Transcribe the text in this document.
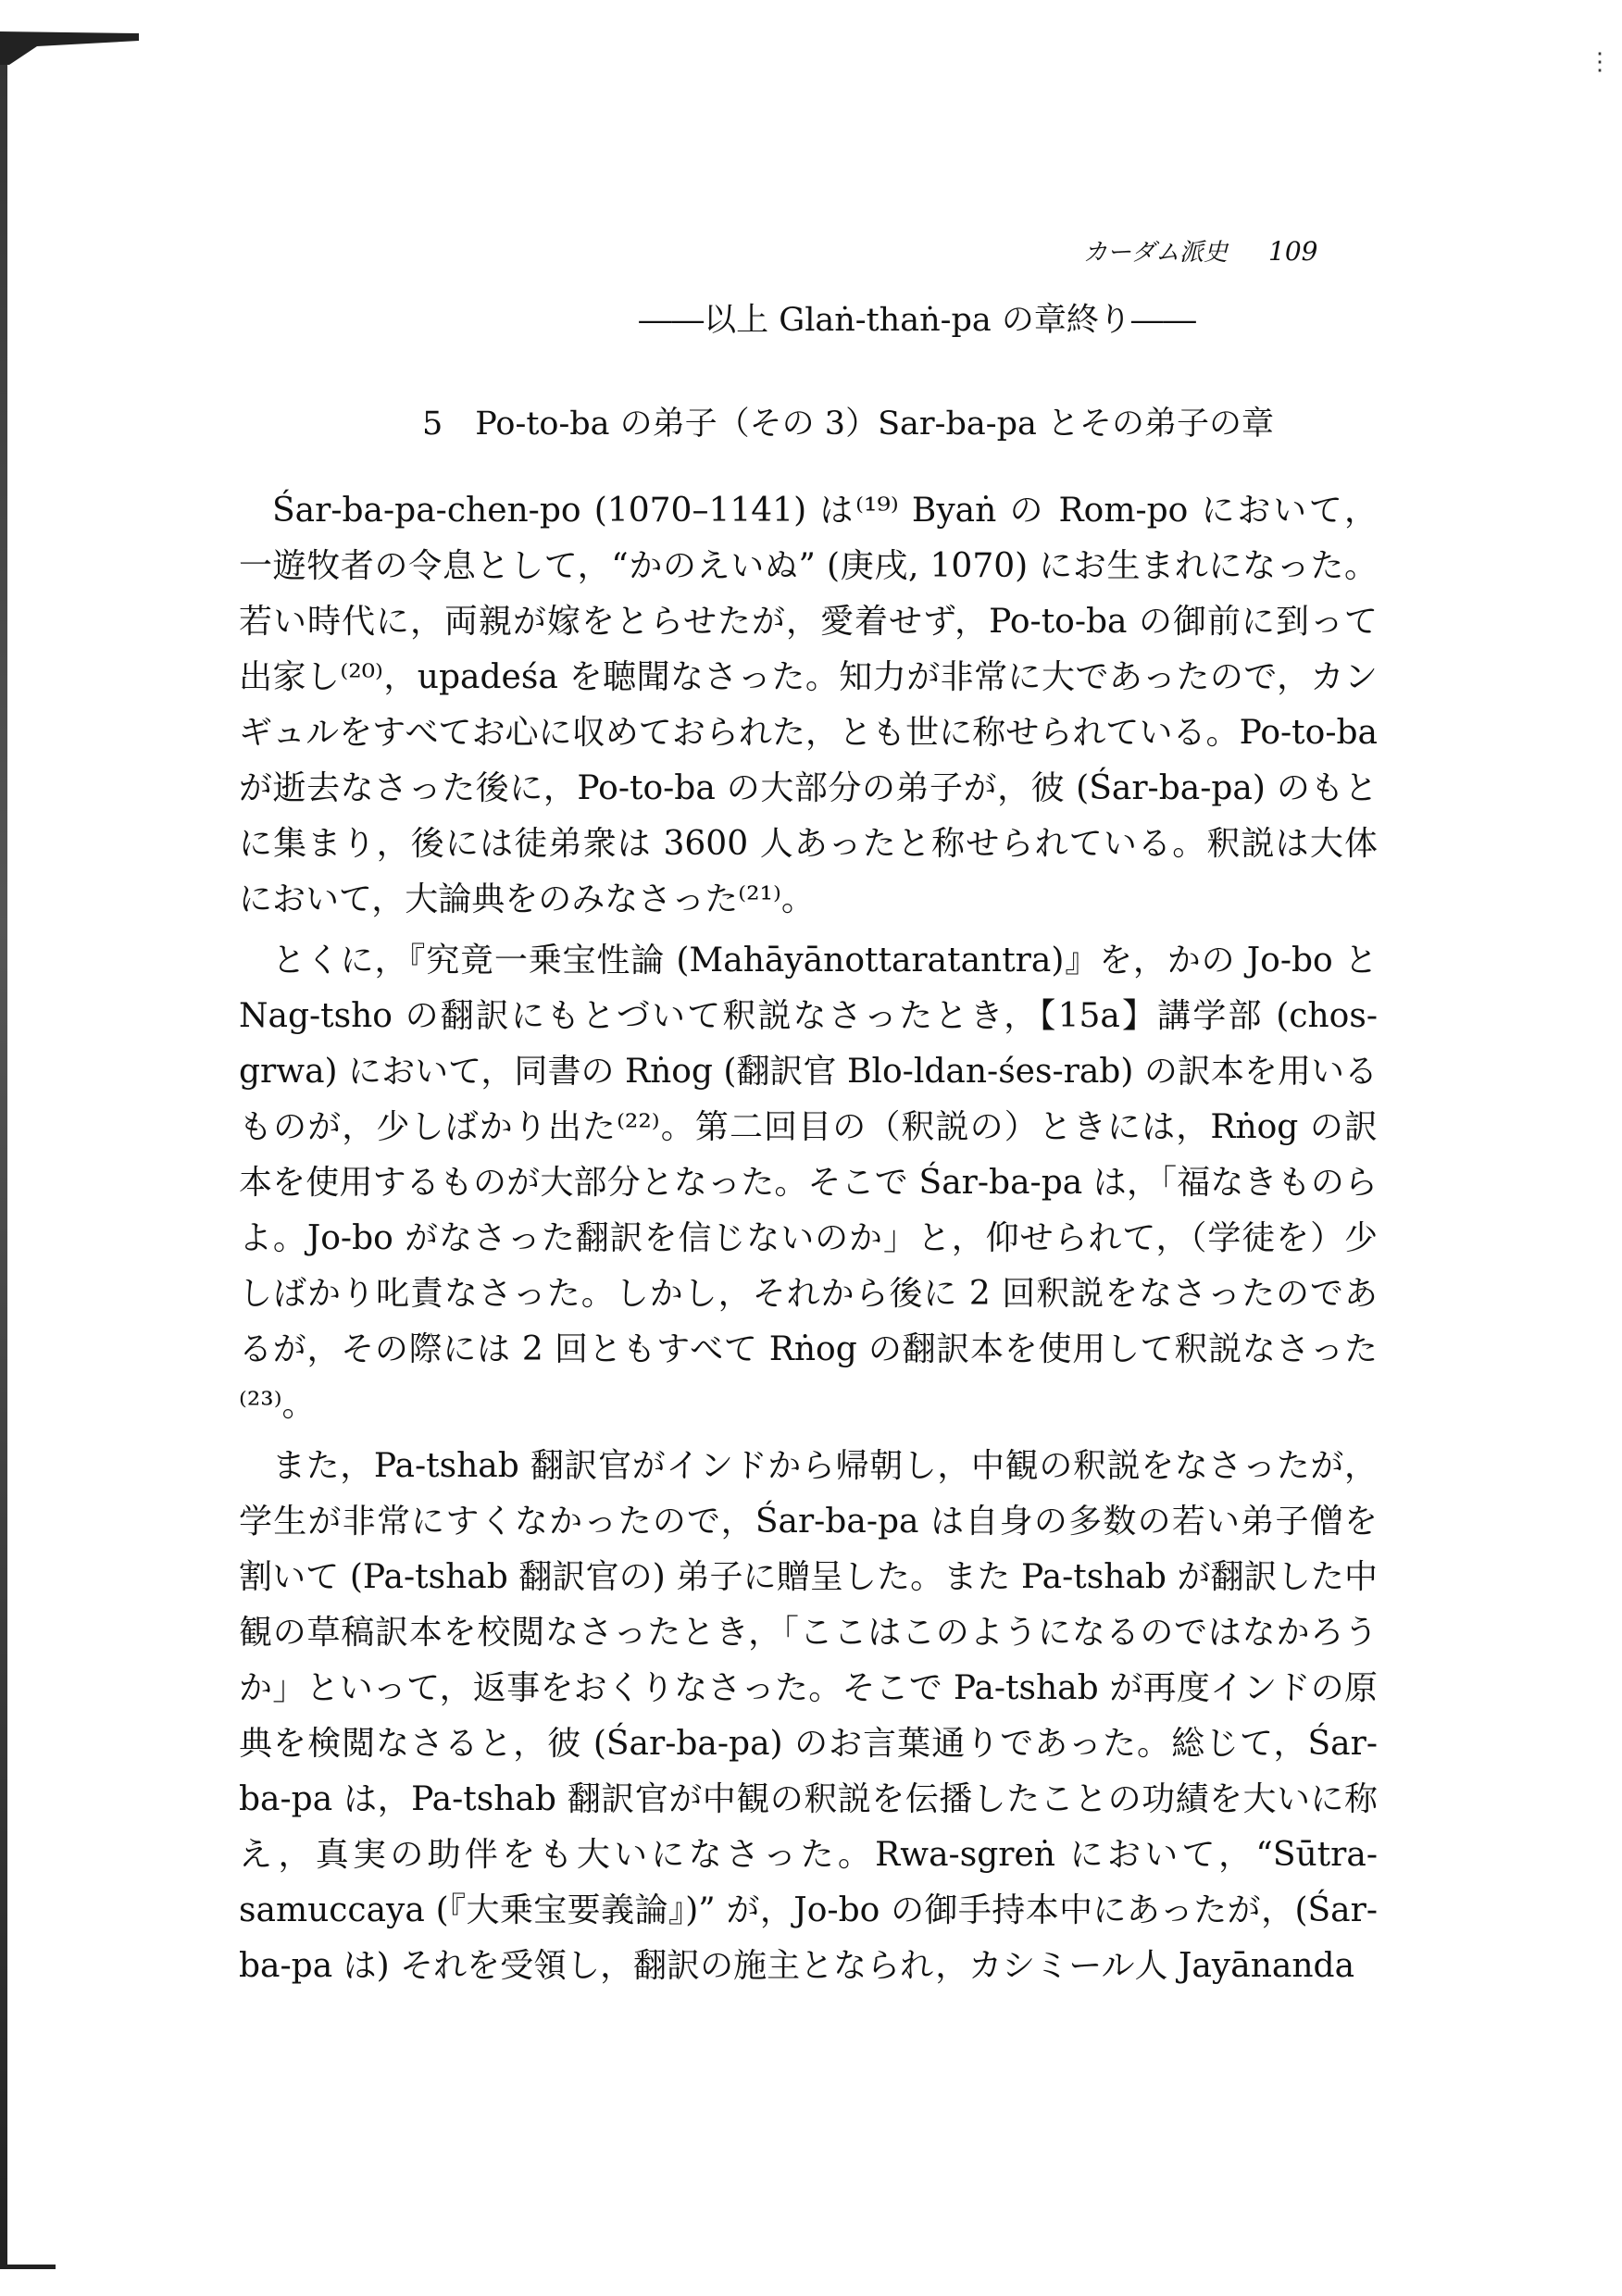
⋮
カーダム派史 109
――以上 Glaṅ-thaṅ-pa の章終り――
5　Po-to-ba の弟子（その 3）Sar-ba-pa とその弟子の章

Śar-ba-pa-chen-po (1070–1141) は⁽¹⁹⁾ Byaṅ の Rom-po において，一遊牧者の令息として，“かのえいぬ” (庚戌, 1070) にお生まれになった。若い時代に，両親が嫁をとらせたが，愛着せず，Po-to-ba の御前に到って出家し⁽²⁰⁾，upadeśa を聴聞なさった。知力が非常に大であったので，カンギュルをすべてお心に収めておられた，とも世に称せられている。Po-to-ba が逝去なさった後に，Po-to-ba の大部分の弟子が，彼 (Śar-ba-pa) のもとに集まり，後には徒弟衆は 3600 人あったと称せられている。釈説は大体において，大論典をのみなさった⁽²¹⁾。

とくに，『究竟一乗宝性論 (Mahāyānottaratantra)』を，かの Jo-bo と Nag-tsho の翻訳にもとづいて釈説なさったとき，【15a】講学部 (chos-grwa) において，同書の Rṅog (翻訳官 Blo-ldan-śes-rab) の訳本を用いるものが，少しばかり出た⁽²²⁾。第二回目の（釈説の）ときには，Rṅog の訳本を使用するものが大部分となった。そこで Śar-ba-pa は，「福なきものらよ。Jo-bo がなさった翻訳を信じないのか」と，仰せられて，（学徒を）少しばかり叱責なさった。しかし，それから後に 2 回釈説をなさったのであるが，その際には 2 回ともすべて Rṅog の翻訳本を使用して釈説なさった⁽²³⁾。

また，Pa-tshab 翻訳官がインドから帰朝し，中観の釈説をなさったが，学生が非常にすくなかったので，Śar-ba-pa は自身の多数の若い弟子僧を割いて (Pa-tshab 翻訳官の) 弟子に贈呈した。また Pa-tshab が翻訳した中観の草稿訳本を校閲なさったとき，「ここはこのようになるのではなかろうか」といって，返事をおくりなさった。そこで Pa-tshab が再度インドの原典を検閲なさると，彼 (Śar-ba-pa) のお言葉通りであった。総じて，Śar-ba-pa は，Pa-tshab 翻訳官が中観の釈説を伝播したことの功績を大いに称え，真実の助伴をも大いになさった。Rwa-sgreṅ において，“Sūtra-samuccaya (『大乗宝要義論』)” が，Jo-bo の御手持本中にあったが，(Śar-ba-pa は) それを受領し，翻訳の施主となられ，カシミール人 Jayānanda
